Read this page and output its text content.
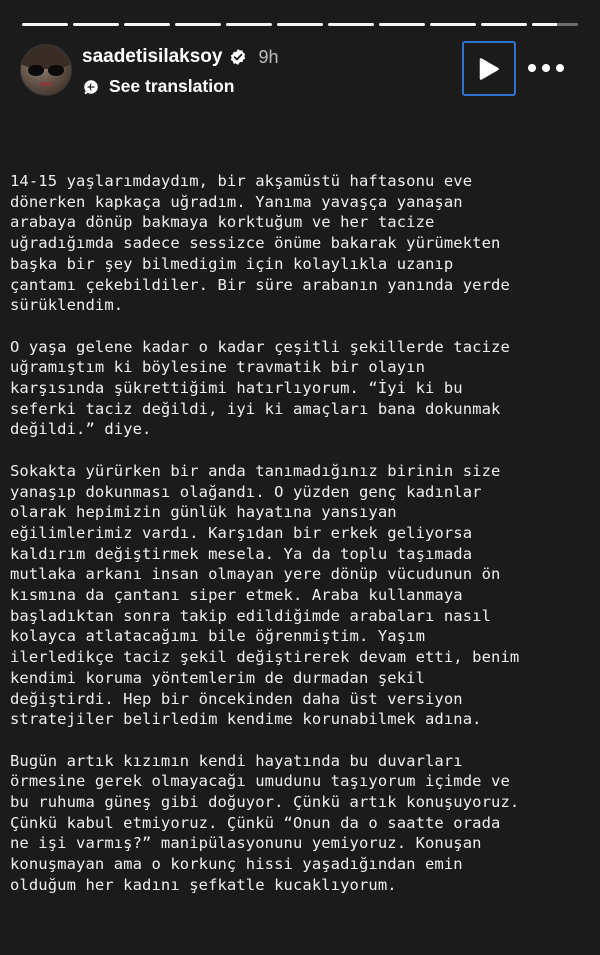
saadetisilaksoy 9h
See translation
14-15 yaşlarımdaydım, bir akşamüstü haftasonu eve
dönerken kapkaça uğradım. Yanıma yavaşça yanaşan
arabaya dönüp bakmaya korktuğum ve her tacize
uğradığımda sadece sessizce önüme bakarak yürümekten
başka bir şey bilmedigim için kolaylıkla uzanıp
çantamı çekebildiler. Bir süre arabanın yanında yerde
sürüklendim.
O yaşa gelene kadar o kadar çeşitli şekillerde tacize
uğramıştım ki böylesine travmatik bir olayın
karşısında şükrettiğimi hatırlıyorum. “İyi ki bu
seferki taciz değildi, iyi ki amaçları bana dokunmak
değildi.” diye.
Sokakta yürürken bir anda tanımadığınız birinin size
yanaşıp dokunması olağandı. O yüzden genç kadınlar
olarak hepimizin günlük hayatına yansıyan
eğilimlerimiz vardı. Karşıdan bir erkek geliyorsa
kaldırım değiştirmek mesela. Ya da toplu taşımada
mutlaka arkanı insan olmayan yere dönüp vücudunun ön
kısmına da çantanı siper etmek. Araba kullanmaya
başladıktan sonra takip edildiğimde arabaları nasıl
kolayca atlatacağımı bile öğrenmiştim. Yaşım
ilerledikçe taciz şekil değiştirerek devam etti, benim
kendimi koruma yöntemlerim de durmadan şekil
değiştirdi. Hep bir öncekinden daha üst versiyon
stratejiler belirledim kendime korunabilmek adına.
Bugün artık kızımın kendi hayatında bu duvarları
örmesine gerek olmayacağı umudunu taşıyorum içimde ve
bu ruhuma güneş gibi doğuyor. Çünkü artık konuşuyoruz.
Çünkü kabul etmiyoruz. Çünkü “Onun da o saatte orada
ne işi varmış?” manipülasyonunu yemiyoruz. Konuşan
konuşmayan ama o korkunç hissi yaşadığından emin
olduğum her kadını şefkatle kucaklıyorum.
